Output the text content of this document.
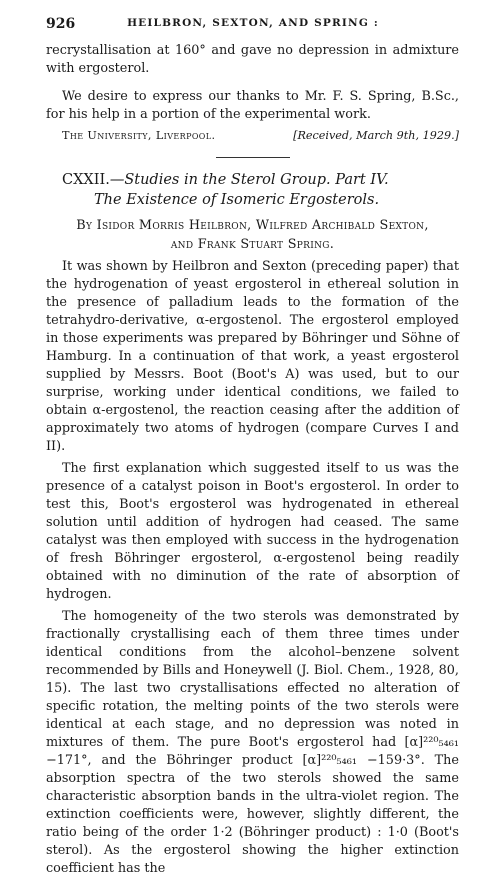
926	HEILBRON, SEXTON, AND SPRING :

recrystallisation at 160° and gave no depression in admixture with ergosterol.

We desire to express our thanks to Mr. F. S. Spring, B.Sc., for his help in a portion of the experimental work.

The University, Liverpool.	[Received, March 9th, 1929.]
CXXII.—Studies in the Sterol Group. Part IV.
The Existence of Isomeric Ergosterols.
By Isidor Morris Heilbron, Wilfred Archibald Sexton,
and Frank Stuart Spring.

It was shown by Heilbron and Sexton (preceding paper) that the hydrogenation of yeast ergosterol in ethereal solution in the presence of palladium leads to the formation of the tetrahydro-derivative, α-ergostenol. The ergosterol employed in those experiments was prepared by Böhringer und Söhne of Hamburg. In a continuation of that work, a yeast ergosterol supplied by Messrs. Boot (Boot's A) was used, but to our surprise, working under identical conditions, we failed to obtain α-ergostenol, the reaction ceasing after the addition of approximately two atoms of hydrogen (compare Curves I and II).

The first explanation which suggested itself to us was the presence of a catalyst poison in Boot's ergosterol. In order to test this, Boot's ergosterol was hydrogenated in ethereal solution until addition of hydrogen had ceased. The same catalyst was then employed with success in the hydrogenation of fresh Böhringer ergosterol, α-ergostenol being readily obtained with no diminution of the rate of absorption of hydrogen.

The homogeneity of the two sterols was demonstrated by fractionally crystallising each of them three times under identical conditions from the alcohol–benzene solvent recommended by Bills and Honeywell (J. Biol. Chem., 1928, 80, 15). The last two crystallisations effected no alteration of specific rotation, the melting points of the two sterols were identical at each stage, and no depression was noted in mixtures of them. The pure Boot's ergosterol had [α]²²⁰₅₄₆₁ −171°, and the Böhringer product [α]²²⁰₅₄₆₁ −159·3°. The absorption spectra of the two sterols showed the same characteristic absorption bands in the ultra-violet region. The extinction coefficients were, however, slightly different, the ratio being of the order 1·2 (Böhringer product) : 1·0 (Boot's sterol). As the ergosterol showing the higher extinction coefficient has the
